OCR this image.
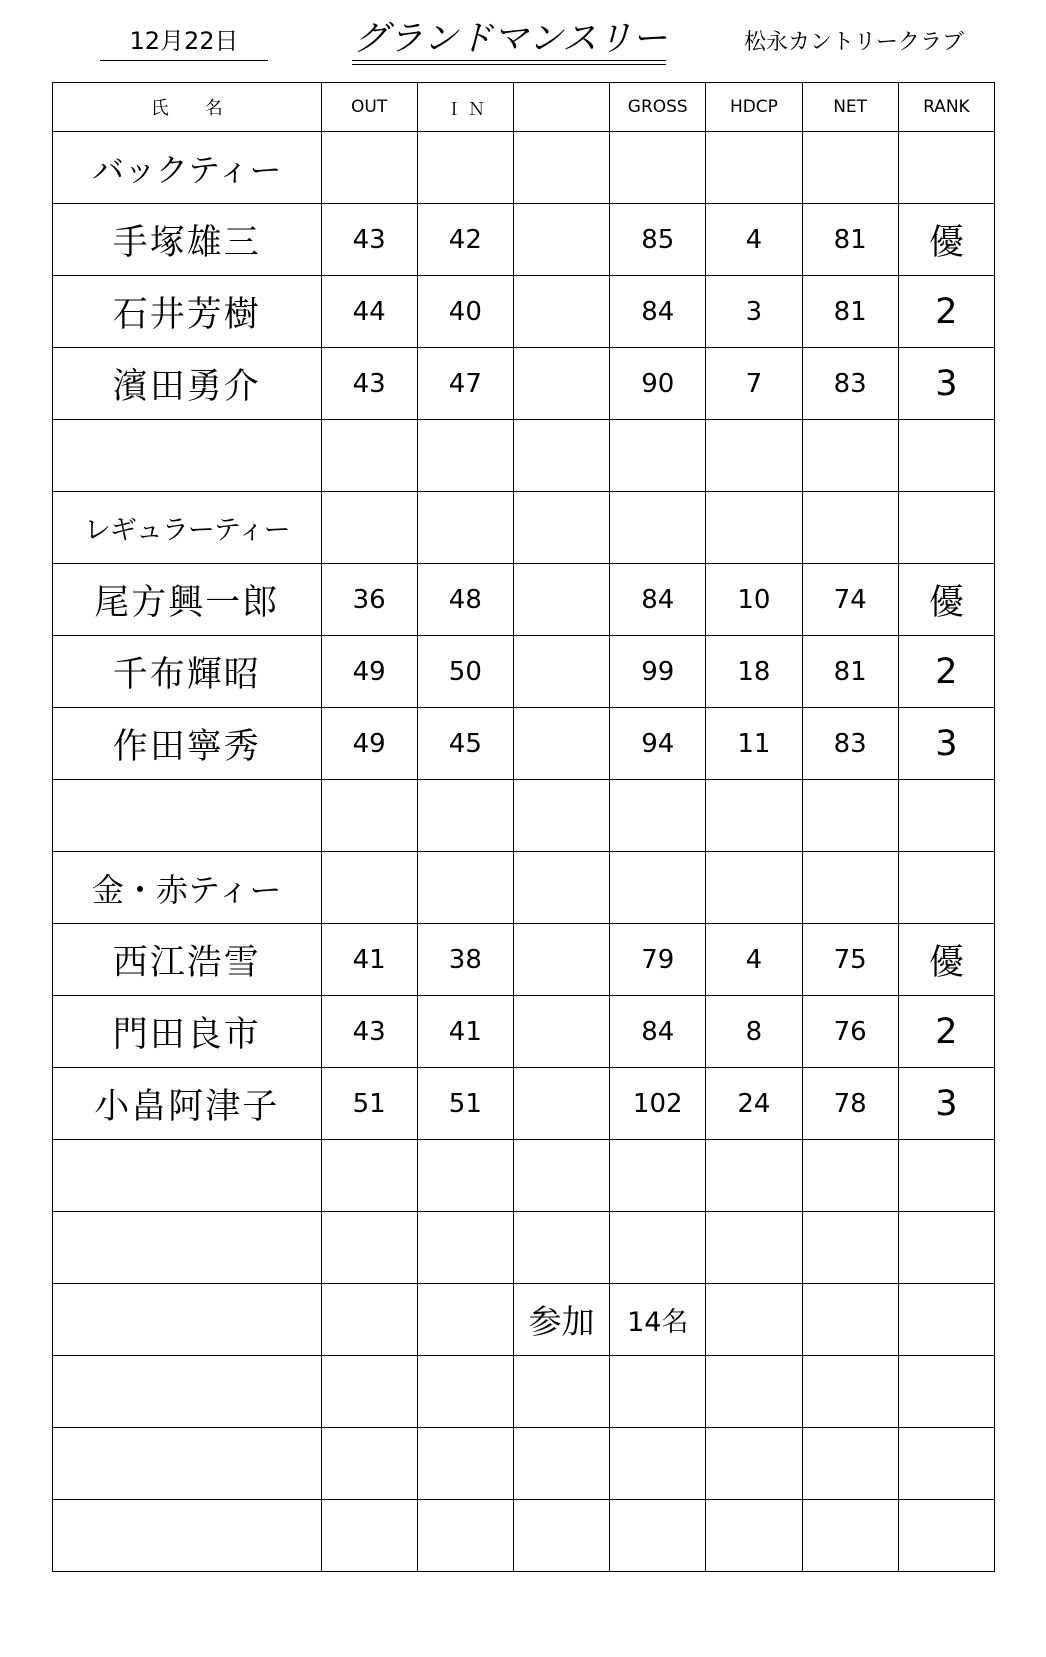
12月22日	グランドマンスリー	松永カントリークラブ
氏　　名	OUT	Ｉ Ｎ		GROSS	HDCP	NET	RANK
バックティー							
手塚雄三	43	42		85	4	81	優
石井芳樹	44	40		84	3	81	2
濱田勇介	43	47		90	7	83	3

レギュラーティー							
尾方興一郎	36	48		84	10	74	優
千布輝昭	49	50		99	18	81	2
作田寧秀	49	45		94	11	83	3

金・赤ティー							
西江浩雪	41	38		79	4	75	優
門田良市	43	41		84	8	76	2
小畠阿津子	51	51		102	24	78	3

			参加	14名			
